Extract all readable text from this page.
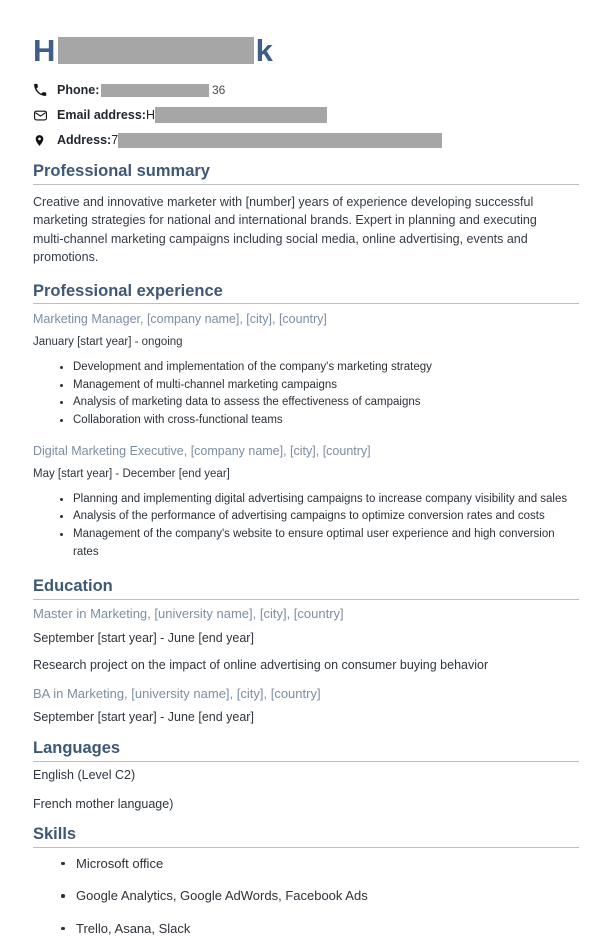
H	k
Phone:	36
Email address: H
Address: 7
Professional summary
Creative and innovative marketer with [number] years of experience developing successful marketing strategies for national and international brands. Expert in planning and executing multi-channel marketing campaigns including social media, online advertising, events and promotions.
Professional experience
Marketing Manager, [company name], [city], [country]
January [start year] - ongoing
Development and implementation of the company's marketing strategy
Management of multi-channel marketing campaigns
Analysis of marketing data to assess the effectiveness of campaigns
Collaboration with cross-functional teams
Digital Marketing Executive, [company name], [city], [country]
May [start year] - December [end year]
Planning and implementing digital advertising campaigns to increase company visibility and sales
Analysis of the performance of advertising campaigns to optimize conversion rates and costs
Management of the company's website to ensure optimal user experience and high conversion rates
Education
Master in Marketing, [university name], [city], [country]
September [start year] - June [end year]
Research project on the impact of online advertising on consumer buying behavior
BA in Marketing, [university name], [city], [country]
September [start year] - June [end year]
Languages
English (Level C2)
French mother language)
Skills
Microsoft office
Google Analytics, Google AdWords, Facebook Ads
Trello, Asana, Slack
